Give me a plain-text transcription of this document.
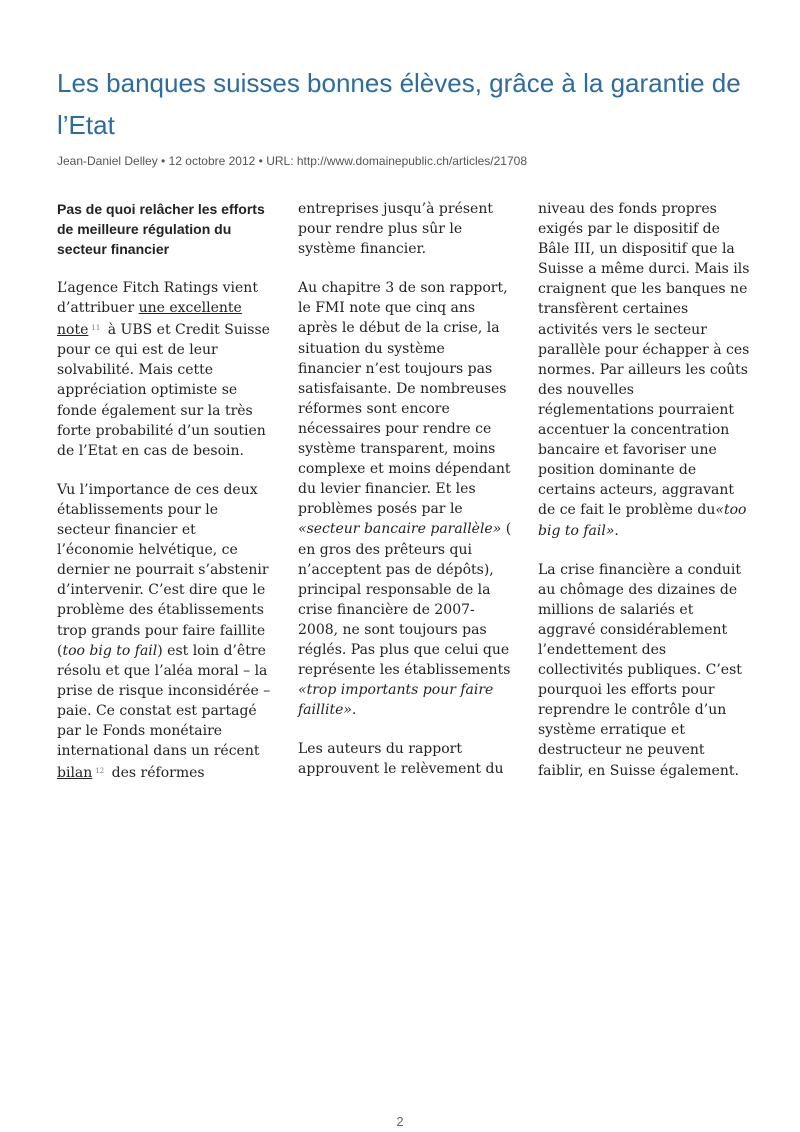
Les banques suisses bonnes élèves, grâce à la garantie de l’Etat
Jean-Daniel Delley • 12 octobre 2012 • URL: http://www.domainepublic.ch/articles/21708
Pas de quoi relâcher les efforts de meilleure régulation du secteur financier

L’agence Fitch Ratings vient d’attribuer une excellente note $^{11}$ à UBS et Credit Suisse pour ce qui est de leur solvabilité. Mais cette appréciation optimiste se fonde également sur la très forte probabilité d’un soutien de l’Etat en cas de besoin.

Vu l’importance de ces deux établissements pour le secteur financier et l’économie helvétique, ce dernier ne pourrait s’abstenir d’intervenir. C’est dire que le problème des établissements trop grands pour faire faillite (too big to fail) est loin d’être résolu et que l’aléa moral – la prise de risque inconsidérée – paie. Ce constat est partagé par le Fonds monétaire international dans un récent bilan $^{12}$ des réformes

entreprises jusqu’à présent pour rendre plus sûr le système financier.

Au chapitre 3 de son rapport, le FMI note que cinq ans après le début de la crise, la situation du système financier n’est toujours pas satisfaisante. De nombreuses réformes sont encore nécessaires pour rendre ce système transparent, moins complexe et moins dépendant du levier financier. Et les problèmes posés par le «secteur bancaire parallèle» ( en gros des prêteurs qui n’acceptent pas de dépôts), principal responsable de la crise financière de 2007-2008, ne sont toujours pas réglés. Pas plus que celui que représente les établissements «trop importants pour faire faillite».

Les auteurs du rapport approuvent le relèvement du

niveau des fonds propres exigés par le dispositif de Bâle III, un dispositif que la Suisse a même durci. Mais ils craignent que les banques ne transfèrent certaines activités vers le secteur parallèle pour échapper à ces normes. Par ailleurs les coûts des nouvelles réglementations pourraient accentuer la concentration bancaire et favoriser une position dominante de certains acteurs, aggravant de ce fait le problème du«too big to fail».

La crise financière a conduit au chômage des dizaines de millions de salariés et aggravé considérablement l’endettement des collectivités publiques. C’est pourquoi les efforts pour reprendre le contrôle d’un système erratique et destructeur ne peuvent faiblir, en Suisse également.

2
